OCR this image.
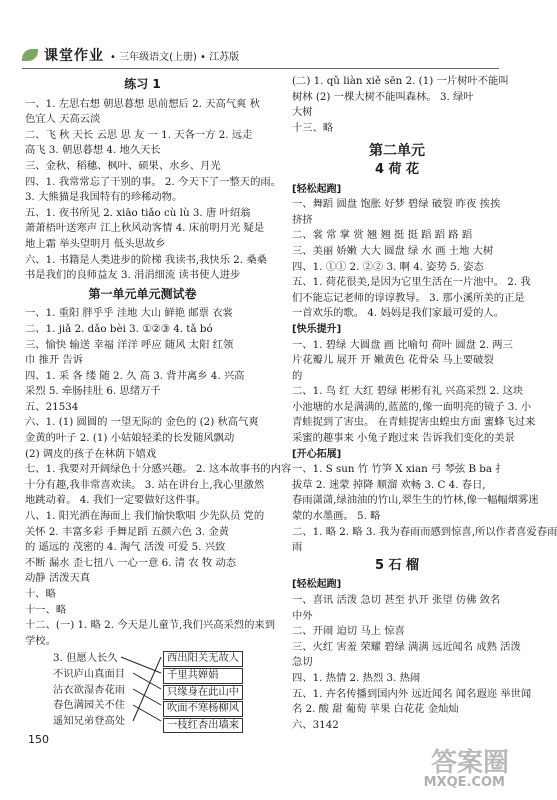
课堂作业 • 三年级语文(上册) • 江苏版
练习 1
一、1. 左思右想 朝思暮想 思前想后 2. 天高气爽 秋
色宜人 天高云淡
二、飞 秋 天长 云思 思 友 一 1. 天各一方 2. 远走
高飞 3. 朝思暮想 4. 地久天长
三、金秋、稻穗、枫叶、硕果、水乡、月光
四、1. 我常常忘了干别的事。 2. 今天下了一整天的雨。
3. 大熊猫是我国特有的珍稀动物。
五、1. 夜书所见 2. xiāo tiǎo cù lù 3. 唐 叶绍翁
萧萧梧叶送寒声 江上秋风动客情 4. 床前明月光 疑是
地上霜 举头望明月 低头思故乡
六、1. 书籍是人类进步的阶梯 我读书,我快乐 2. 桑桑
书是我们的良师益友 3. 涓涓细流 读书使人进步
第一单元单元测试卷
一、1. 重阳 胖乎乎 洼地 大山 鲜艳 邮票 衣裳
二、1. jiǎ 2. dǎo bèi 3. ①②③ 4. tǎ bó
三、愉快 输送 幸福 洋洋 呼应 随风 太阳 红领
巾 推开 告诉
四、1. 采 各 缕 随 2. 久 高 3. 背井离乡 4. 兴高
采烈 5. 牵肠挂肚 6. 思绪万千
五、21534
六、1. (1) 圆圆的 一望无际的 金色的 (2) 秋高气爽
金黄的叶子 2. (1) 小姑娘轻柔的长发随风飘动
(2) 调皮的孩子在林荫下嬉戏
七、1. 我要对开阔绿色十分感兴趣。 2. 这本故事书的内容
十分有趣,我非常喜欢读。 3. 站在讲台上,我心里激然
地跳动着。 4. 我们一定要做好这件事。
八、1. 阳光洒在海面上 我们愉快歌唱 少先队员 党的
关怀 2. 丰富多彩 手舞足蹈 五颜六色 3. 金黄
的 遥远的 茂密的 4. 淘气 活泼 可爱 5. 兴致
不断 漏水 歪七扭八 一心一意 6. 清 农 牧 动态
动静 活泼天真
十、略
十一、略
十二、(一) 1. 略 2. 今天是儿童节,我们兴高采烈的来到
学校。
3. 但愿人长久
不识庐山真面目
沾衣欲湿杏花雨
春色满园关不住
遥知兄弟登高处
西出阳关无故人
千里共婵娟
只缘身在此山中
吹面不寒杨柳风
一枝红杏出墙来
(二) 1. qǔ liàn xiě sēn 2. (1) 一片树叶不能叫
树林 (2) 一棵大树不能叫森林。 3. 绿叶
大树
十三、略
第二单元
4 荷 花
[轻松起跑]
一、舞蹈 圆盘 饱胀 好梦 碧绿 破裂 昨夜 挨挨
挤挤
二、裳 常 掌 赏 翘 翘 挺 挺 蹈 蹈 路 蹈
三、美丽 娇嫩 大大 圆盘 绿 水 画 土地 大树
四、1. ①① 2. ②② 3. 啊 4. 姿势 5. 姿态
五、1. 荷花很美,是因为它里生活在一片池中。 2. 我
们不能忘记老师的谆谆教导。 3. 那小溪所美的正是
一首欢乐的歌。 4. 妈妈是我们家最可爱的人。
[快乐提升]
一、1. 碧绿 大圆盘 画 比喻句 荷叶 圆盘 2. 两三
片花瓣儿 展开 开 嫩黄色 花骨朵 马上要破裂
的
二、1. 鸟 红 大红 碧绿 彬彬有礼 兴高采烈 2. 这块
小池塘的水是满满的,蓝蓝的,像一面明亮的镜子 3. 小
青蛙捉到了害虫。 在青蛙捉害虫蝗虫方面 蜜蜂飞过来
采蜜的趣事来 小兔子跑过来 告诉我们变化的美景
[开心拓展]
一、1. S sun 竹 竹笋 X xian 弓 琴弦 B ba 扌
拔草 2. 迷蒙 掉降 顺溜 欢畅 3. C 4. 春日,
春雨潇潇,绿油油的竹山,翠生生的竹林,像一幅幅烟雾迷
蒙的水墨画。 5. 略
二、1. 略 2. 略 3. 我为春雨而感到惊喜,所以作者喜爱春雨
雨
5 石 榴
[轻松起跑]
一、喜讯 活泼 急切 甚至 扒开 张望 仿佛 敛名
中外
二、开闹 迫切 马上 惊喜
三、火红 害羞 荣耀 碧绿 满满 远近闻名 成熟 活泼
急切
四、1. 热情 2. 热烈 3. 热闹
五、1. 卉名传播到国内外 远近闻名 闻名遐迩 举世闻
名 2. 酸 甜 葡萄 苹果 白花花 金灿灿
六、3142
150
答案圈
MXQE.COM
